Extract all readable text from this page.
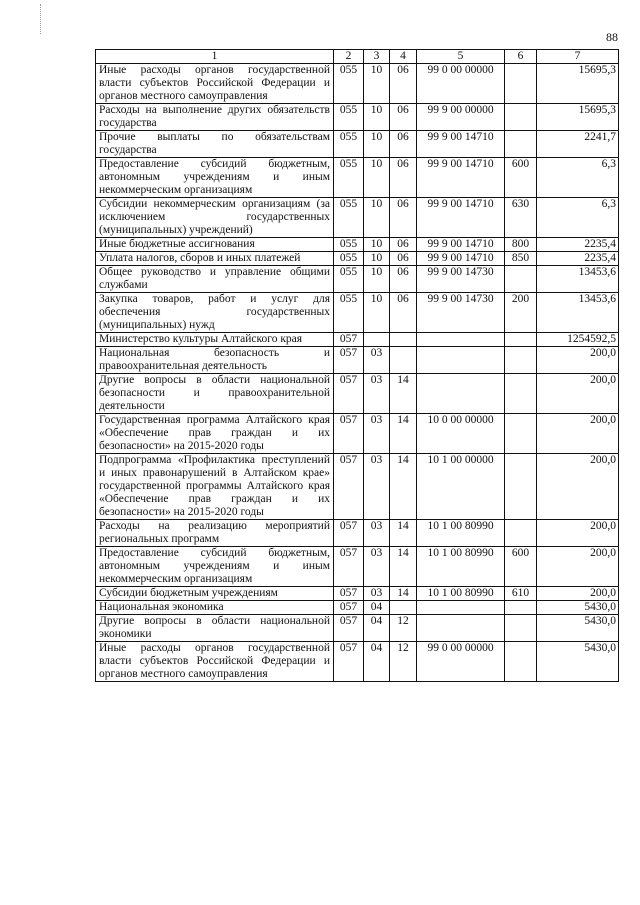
88
1	2	3	4	5	6	7
Иные расходы органов государственной власти субъектов Российской Федерации и органов местного самоуправления	055	10	06	99 0 00 00000		15695,3
Расходы на выполнение других обязательств государства	055	10	06	99 9 00 00000		15695,3
Прочие выплаты по обязательствам государства	055	10	06	99 9 00 14710		2241,7
Предоставление субсидий бюджетным, автономным учреждениям и иным некоммерческим организациям	055	10	06	99 9 00 14710	600	6,3
Субсидии некоммерческим организациям (за исключением государственных (муниципальных) учреждений)	055	10	06	99 9 00 14710	630	6,3
Иные бюджетные ассигнования	055	10	06	99 9 00 14710	800	2235,4
Уплата налогов, сборов и иных платежей	055	10	06	99 9 00 14710	850	2235,4
Общее руководство и управление общими службами	055	10	06	99 9 00 14730		13453,6
Закупка товаров, работ и услуг для обеспечения государственных (муниципальных) нужд	055	10	06	99 9 00 14730	200	13453,6
Министерство культуры Алтайского края	057					1254592,5
Национальная безопасность и правоохранительная деятельность	057	03				200,0
Другие вопросы в области национальной безопасности и правоохранительной деятельности	057	03	14			200,0
Государственная программа Алтайского края «Обеспечение прав граждан и их безопасности» на 2015-2020 годы	057	03	14	10 0 00 00000		200,0
Подпрограмма «Профилактика преступлений и иных правонарушений в Алтайском крае» государственной программы Алтайского края «Обеспечение прав граждан и их безопасности» на 2015-2020 годы	057	03	14	10 1 00 00000		200,0
Расходы на реализацию мероприятий региональных программ	057	03	14	10 1 00 80990		200,0
Предоставление субсидий бюджетным, автономным учреждениям и иным некоммерческим организациям	057	03	14	10 1 00 80990	600	200,0
Субсидии бюджетным учреждениям	057	03	14	10 1 00 80990	610	200,0
Национальная экономика	057	04				5430,0
Другие вопросы в области национальной экономики	057	04	12			5430,0
Иные расходы органов государственной власти субъектов Российской Федерации и органов местного самоуправления	057	04	12	99 0 00 00000		5430,0
